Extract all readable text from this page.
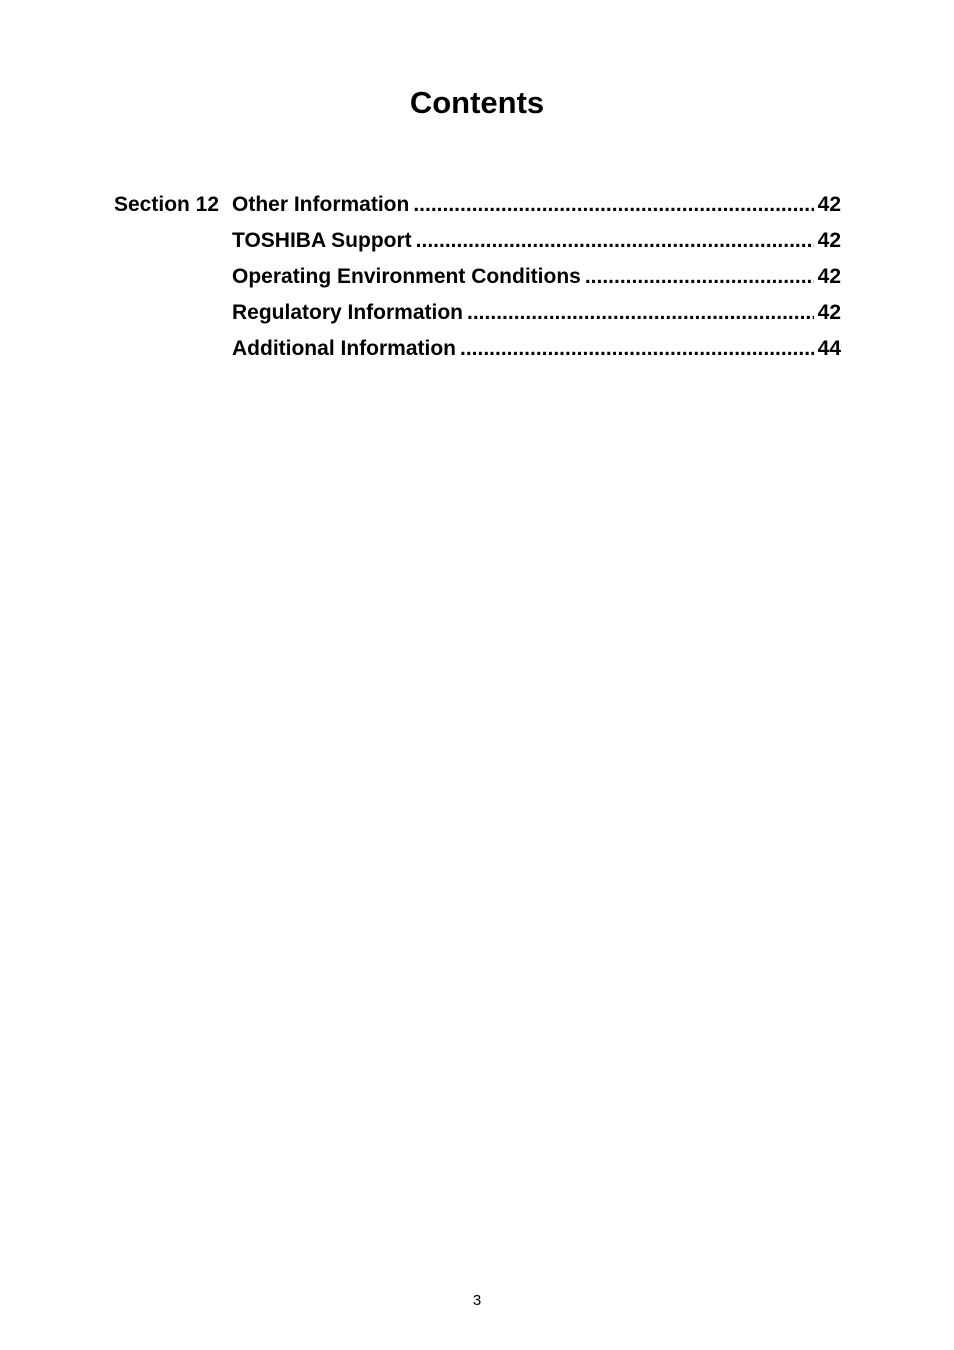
Contents
Section 12 Other Information .....	42
TOSHIBA Support .....	42
Operating Environment Conditions .....	42
Regulatory Information .....	42
Additional Information .....	44
3
